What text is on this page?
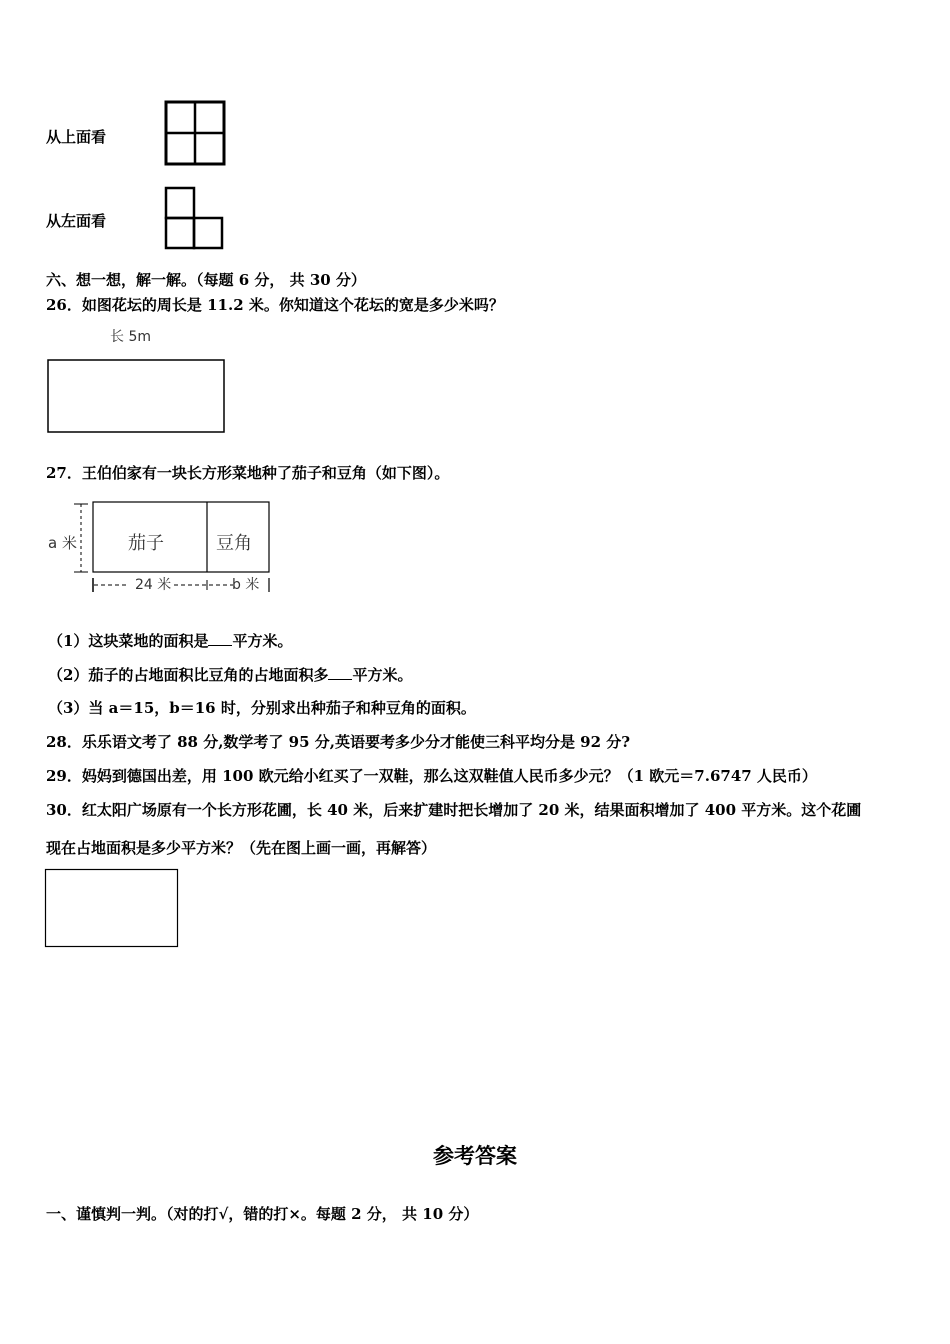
从上面看
从左面看
六、想一想，解一解。（每题 6 分， 共 30 分）
26．如图花坛的周长是 11.2 米。你知道这个花坛的宽是多少米吗？
长 5m
27．王伯伯家有一块长方形菜地种了茄子和豆角（如下图）。
a 米	茄子	豆角
24 米	b 米
（1）这块菜地的面积是 平方米。
（2）茄子的占地面积比豆角的占地面积多 平方米。
（3）当 a＝15，b＝16 时，分别求出种茄子和种豆角的面积。
28．乐乐语文考了 88 分,数学考了 95 分,英语要考多少分才能使三科平均分是 92 分?
29．妈妈到德国出差，用 100 欧元给小红买了一双鞋，那么这双鞋值人民币多少元？（1 欧元＝7.6747 人民币）
30．红太阳广场原有一个长方形花圃，长 40 米，后来扩建时把长增加了 20 米，结果面积增加了 400 平方米。这个花圃
现在占地面积是多少平方米？（先在图上画一画，再解答）
参考答案
一、谨慎判一判。（对的打√，错的打×。每题 2 分， 共 10 分）
